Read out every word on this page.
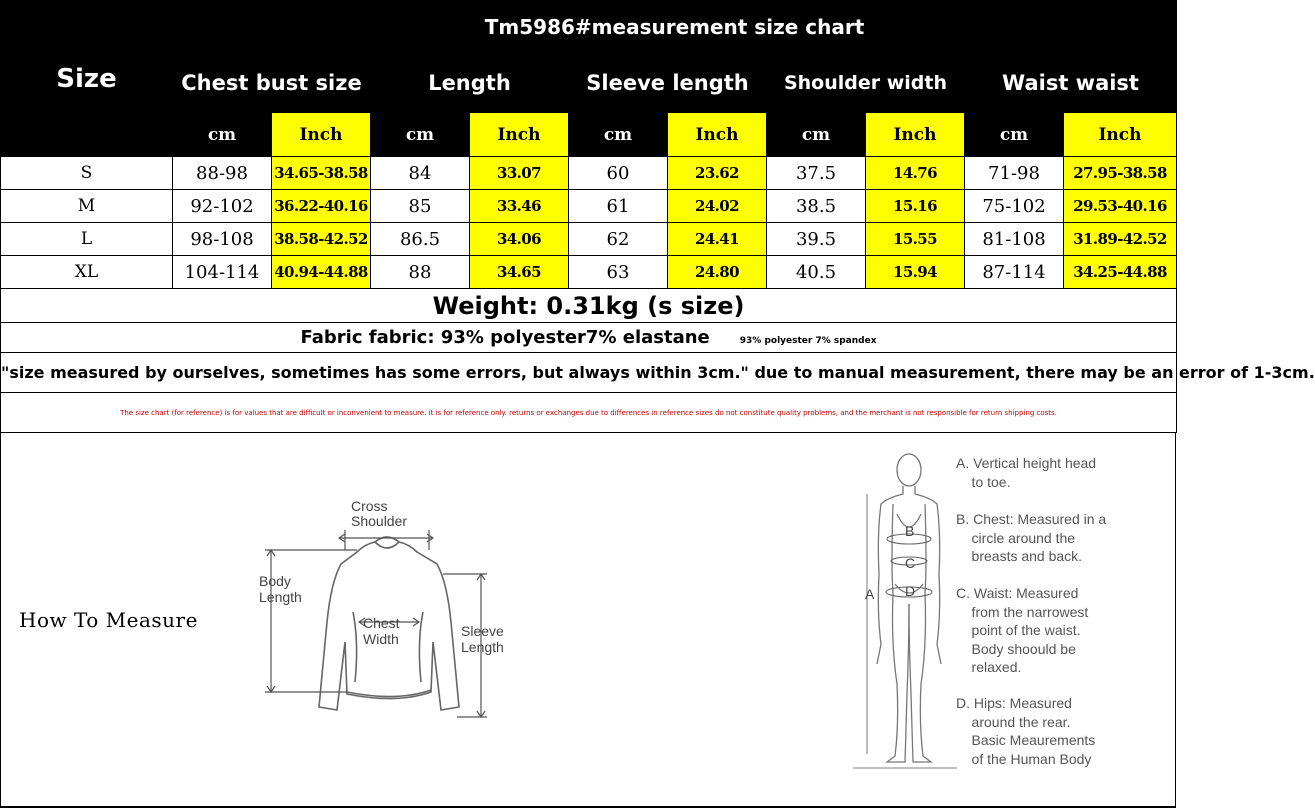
Size	Tm5986#measurement size chart									
	Chest bust size		Length		Sleeve length		Shoulder width		Waist waist	
	cm	Inch	cm	Inch	cm	Inch	cm	Inch	cm	Inch
S	88-98	34.65-38.58	84	33.07	60	23.62	37.5	14.76	71-98	27.95-38.58
M	92-102	36.22-40.16	85	33.46	61	24.02	38.5	15.16	75-102	29.53-40.16
L	98-108	38.58-42.52	86.5	34.06	62	24.41	39.5	15.55	81-108	31.89-42.52
XL	104-114	40.94-44.88	88	34.65	63	24.80	40.5	15.94	87-114	34.25-44.88
Weight: 0.31kg (s size)										
Fabric fabric: 93% polyester7% elastane 93% polyester 7% spandex										
"size measured by ourselves, sometimes has some errors, but always within 3cm." due to manual measurement, there may be an error of 1-3cm.										
The size chart (for reference) is for values that are difficult or inconvenient to measure. it is for reference only. returns or exchanges due to differences in reference sizes do not constitute quality problems, and the merchant is not responsible for return shipping costs.										
How To Measure
Cross
Shoulder
Body
Length
Chest
Width	Sleeve
Length
A
B
C
D
A. Vertical height head
to toe.
B. Chest: Measured in a
circle around the
breasts and back.
C. Waist: Measured
from the narrowest
point of the waist.
Body shoould be
relaxed.
D. Hips: Measured
around the rear.
Basic Meaurements
of the Human Body
